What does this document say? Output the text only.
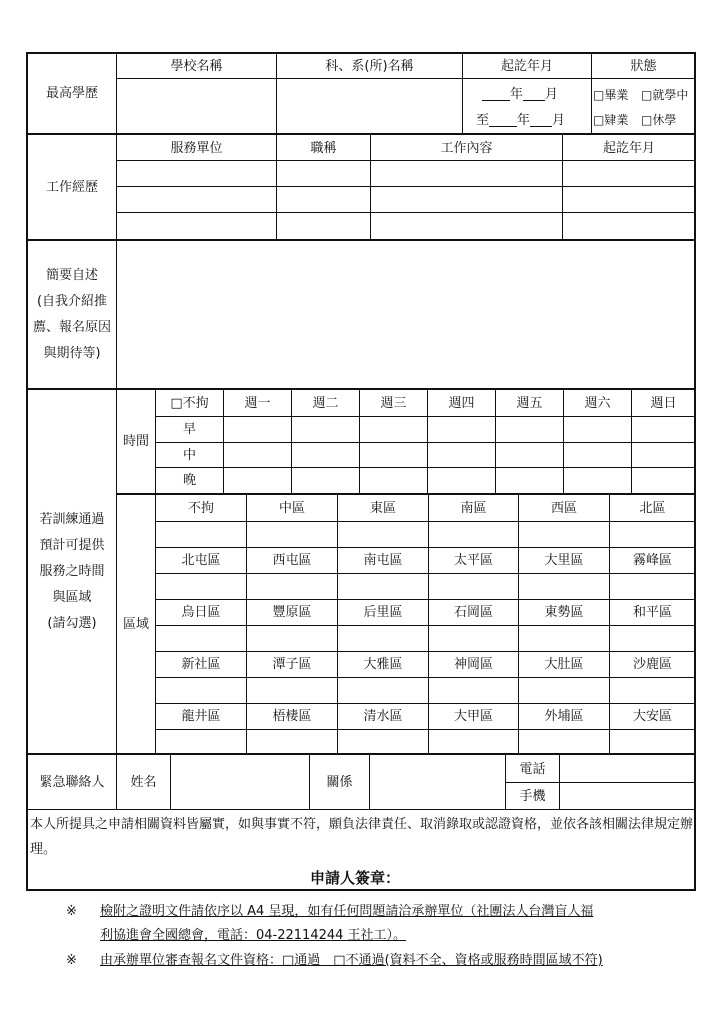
最高學歷
學校名稱	科、系(所)名稱	起訖年月	狀態
年 月
至 年 月
□畢業	□就學中
□肄業	□休學
工作經歷
服務單位	職稱	工作內容	起訖年月
簡要自述
(自我介紹推
薦、報名原因
與期待等)
若訓練通過
預計可提供
服務之時間
與區域
(請勾選)
時間
□不拘	週一	週二	週三	週四	週五	週六	週日
早
中
晚
區域
不拘	中區	東區	南區	西區	北區
北屯區	西屯區	南屯區	太平區	大里區	霧峰區
烏日區	豐原區	后里區	石岡區	東勢區	和平區
新社區	潭子區	大雅區	神岡區	大肚區	沙鹿區
龍井區	梧棲區	清水區	大甲區	外埔區	大安區
緊急聯絡人	姓名	關係
電話
手機
本人所提具之申請相關資料皆屬實，如與事實不符，願負法律責任、取消錄取或認證資格，並依各該相關法律規定辦理。
申請人簽章：
※	檢附之證明文件請依序以 A4 呈現，如有任何問題請洽承辦單位（社團法人台灣盲人福
利協進會全國總會，電話：04-22114244 王社工）。
※	由承辦單位審查報名文件資格：□通過　□不通過(資料不全、資格或服務時間區域不符)
